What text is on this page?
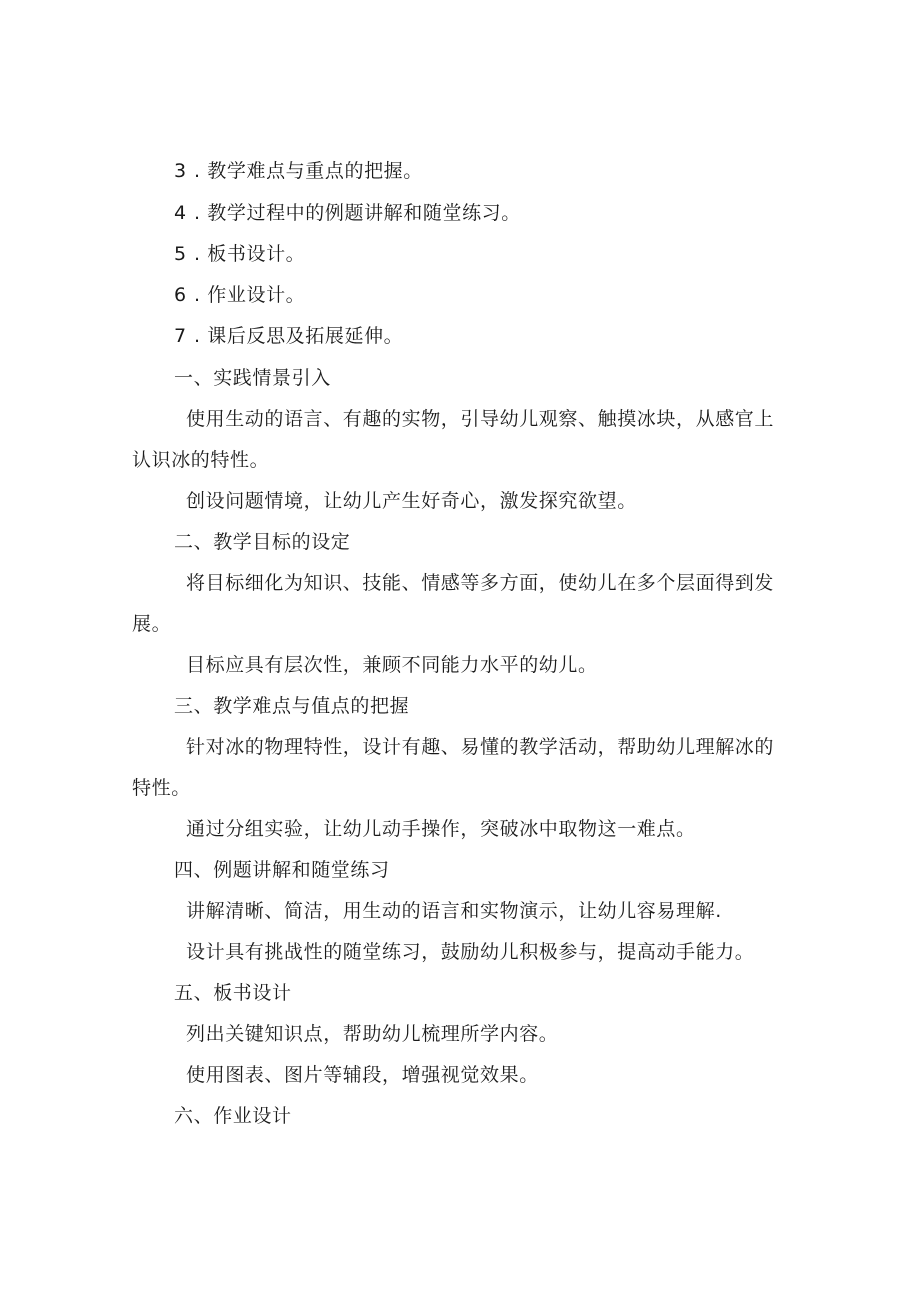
3 . 教学难点与重点的把握。
4 . 教学过程中的例题讲解和随堂练习。
5 . 板书设计。
6 . 作业设计。
7 . 课后反思及拓展延伸。
一、实践情景引入
使用生动的语言、有趣的实物，引导幼儿观察、触摸冰块，从感官上
认识冰的特性。
创设问题情境，让幼儿产生好奇心，激发探究欲望。
二、教学目标的设定
将目标细化为知识、技能、情感等多方面，使幼儿在多个层面得到发
展。
目标应具有层次性，兼顾不同能力水平的幼儿。
三、教学难点与值点的把握
针对冰的物理特性，设计有趣、易懂的教学活动，帮助幼儿理解冰的
特性。
通过分组实验，让幼儿动手操作，突破冰中取物这一难点。
四、例题讲解和随堂练习
讲解清晰、简洁，用生动的语言和实物演示，让幼儿容易理解.
设计具有挑战性的随堂练习，鼓励幼儿积极参与，提高动手能力。
五、板书设计
列出关键知识点，帮助幼儿梳理所学内容。
使用图表、图片等辅段，增强视觉效果。
六、作业设计
